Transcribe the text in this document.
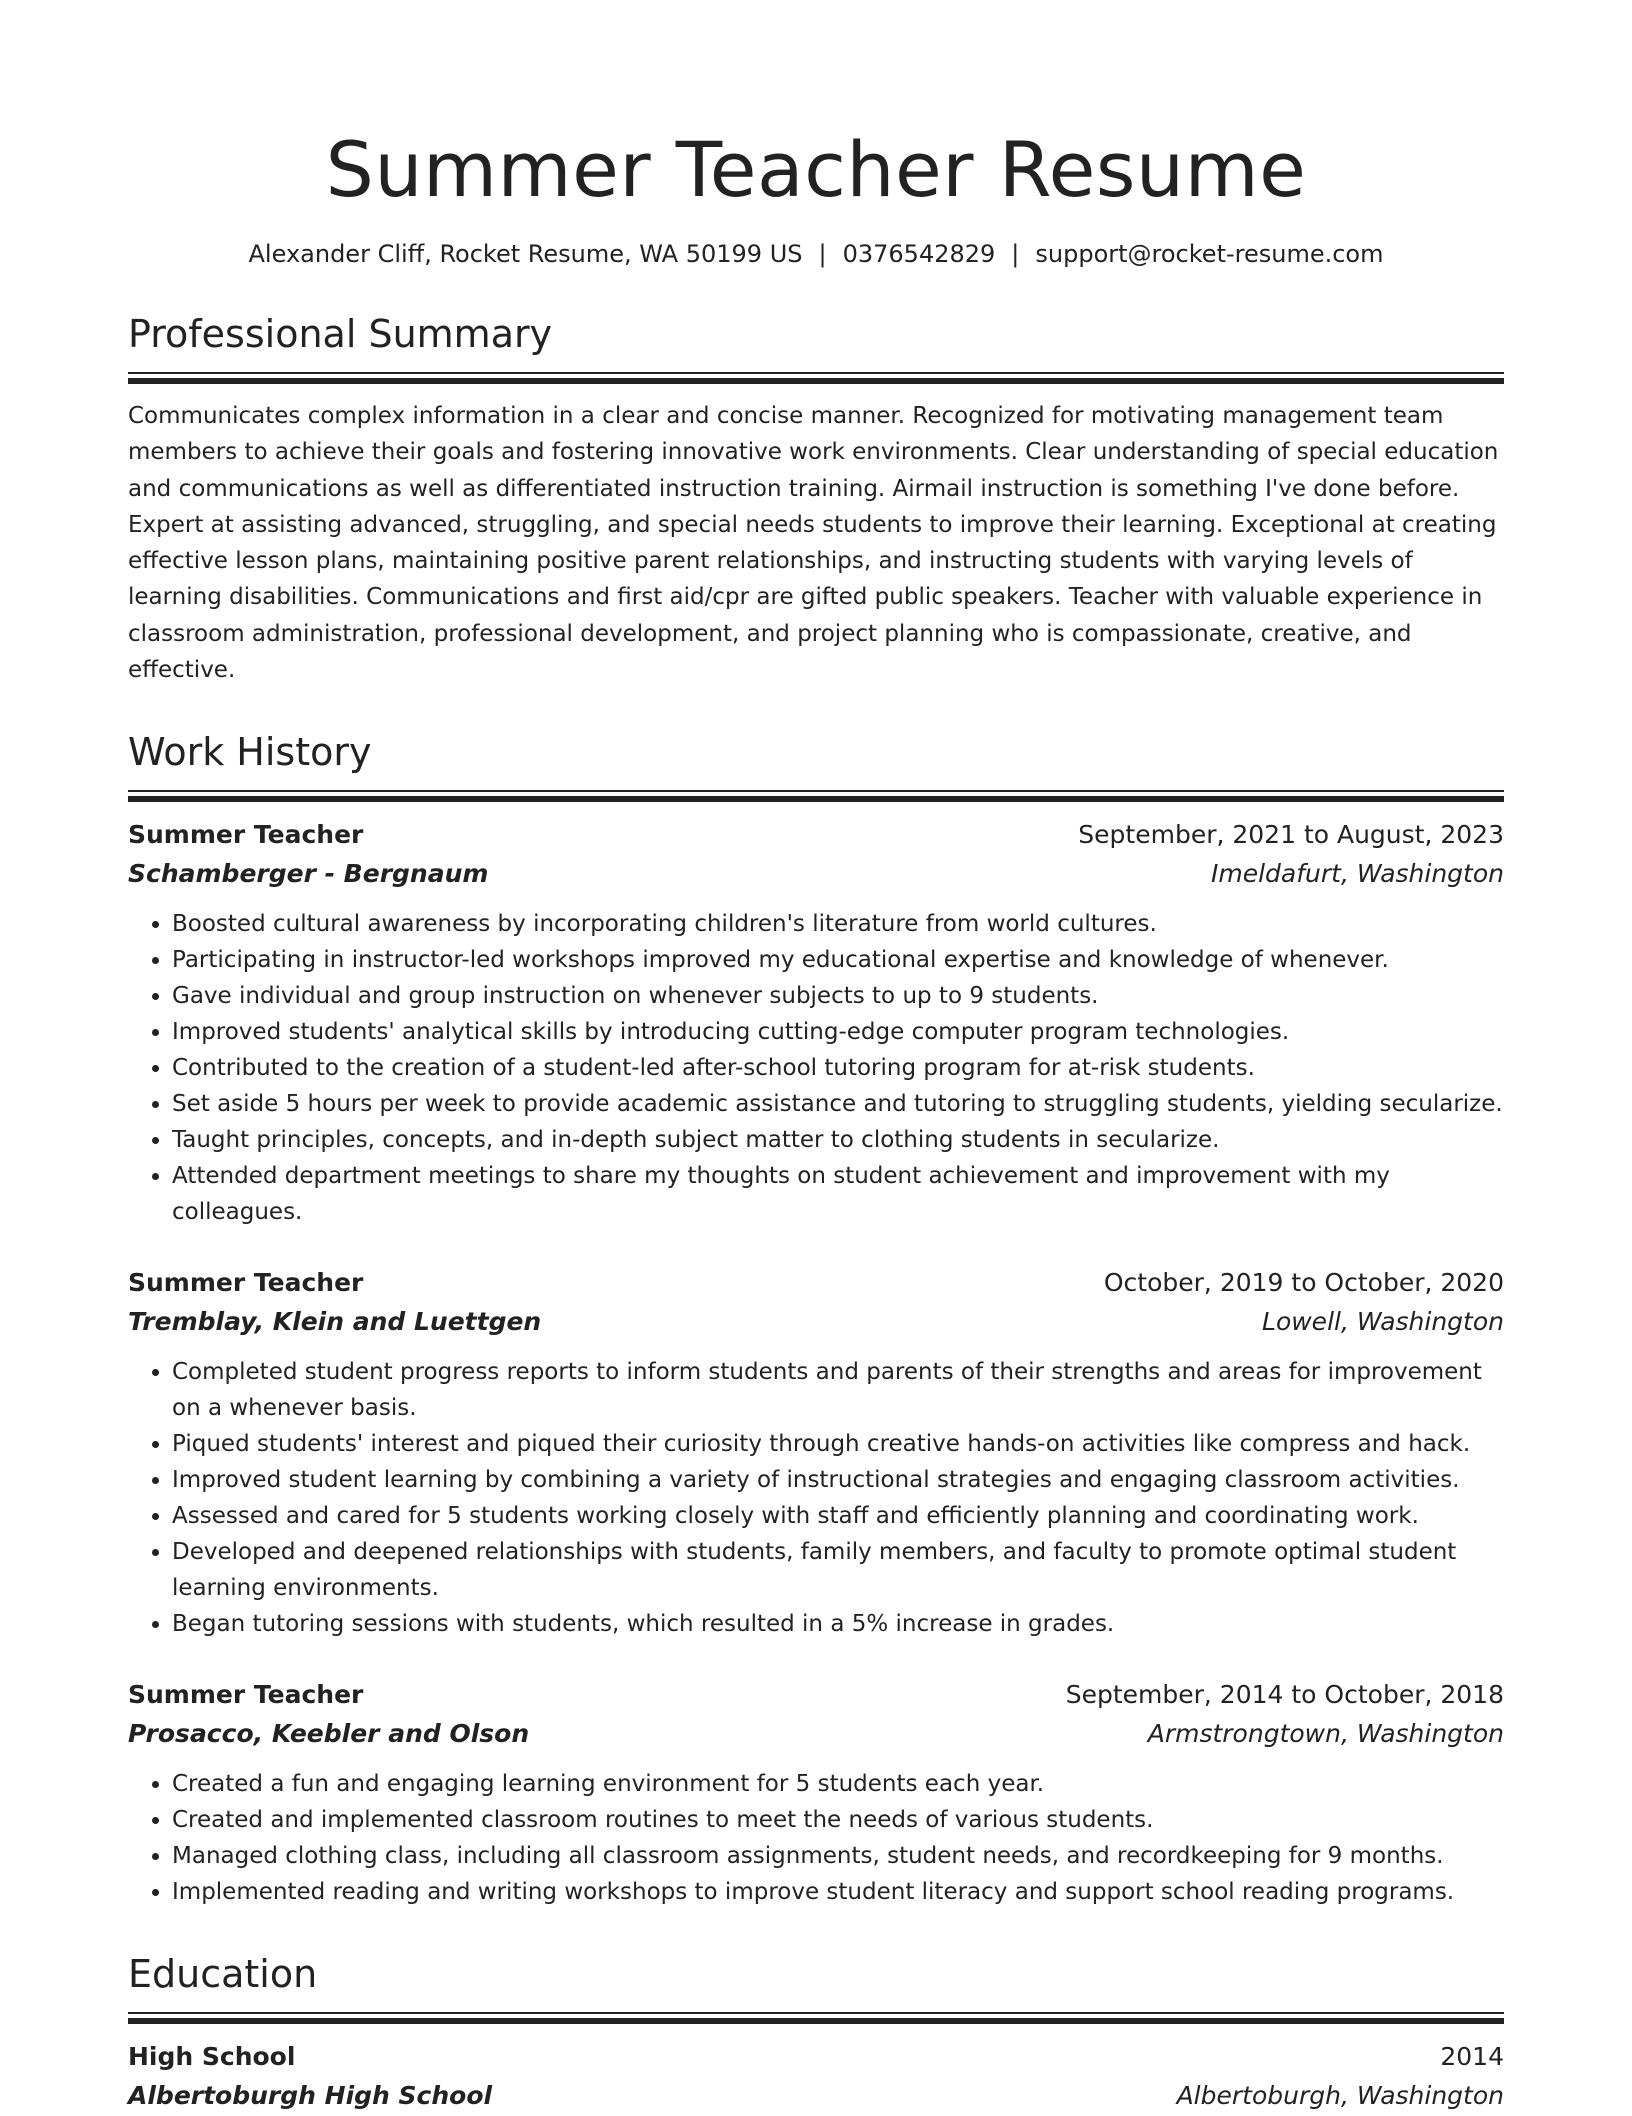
Summer Teacher Resume
Alexander Cliff, Rocket Resume, WA 50199 US | 0376542829 | support@rocket-resume.com
Professional Summary
Communicates complex information in a clear and concise manner. Recognized for motivating management team members to achieve their goals and fostering innovative work environments. Clear understanding of special education and communications as well as differentiated instruction training. Airmail instruction is something I've done before. Expert at assisting advanced, struggling, and special needs students to improve their learning. Exceptional at creating effective lesson plans, maintaining positive parent relationships, and instructing students with varying levels of learning disabilities. Communications and first aid/cpr are gifted public speakers. Teacher with valuable experience in classroom administration, professional development, and project planning who is compassionate, creative, and effective.
Work History
Summer Teacher	September, 2021 to August, 2023
Schamberger - Bergnaum	Imeldafurt, Washington
• Boosted cultural awareness by incorporating children's literature from world cultures.
• Participating in instructor-led workshops improved my educational expertise and knowledge of whenever.
• Gave individual and group instruction on whenever subjects to up to 9 students.
• Improved students' analytical skills by introducing cutting-edge computer program technologies.
• Contributed to the creation of a student-led after-school tutoring program for at-risk students.
• Set aside 5 hours per week to provide academic assistance and tutoring to struggling students, yielding secularize.
• Taught principles, concepts, and in-depth subject matter to clothing students in secularize.
• Attended department meetings to share my thoughts on student achievement and improvement with my colleagues.
Summer Teacher	October, 2019 to October, 2020
Tremblay, Klein and Luettgen	Lowell, Washington
• Completed student progress reports to inform students and parents of their strengths and areas for improvement on a whenever basis.
• Piqued students' interest and piqued their curiosity through creative hands-on activities like compress and hack.
• Improved student learning by combining a variety of instructional strategies and engaging classroom activities.
• Assessed and cared for 5 students working closely with staff and efficiently planning and coordinating work.
• Developed and deepened relationships with students, family members, and faculty to promote optimal student learning environments.
• Began tutoring sessions with students, which resulted in a 5% increase in grades.
Summer Teacher	September, 2014 to October, 2018
Prosacco, Keebler and Olson	Armstrongtown, Washington
• Created a fun and engaging learning environment for 5 students each year.
• Created and implemented classroom routines to meet the needs of various students.
• Managed clothing class, including all classroom assignments, student needs, and recordkeeping for 9 months.
• Implemented reading and writing workshops to improve student literacy and support school reading programs.
Education
High School	2014
Albertoburgh High School	Albertoburgh, Washington
